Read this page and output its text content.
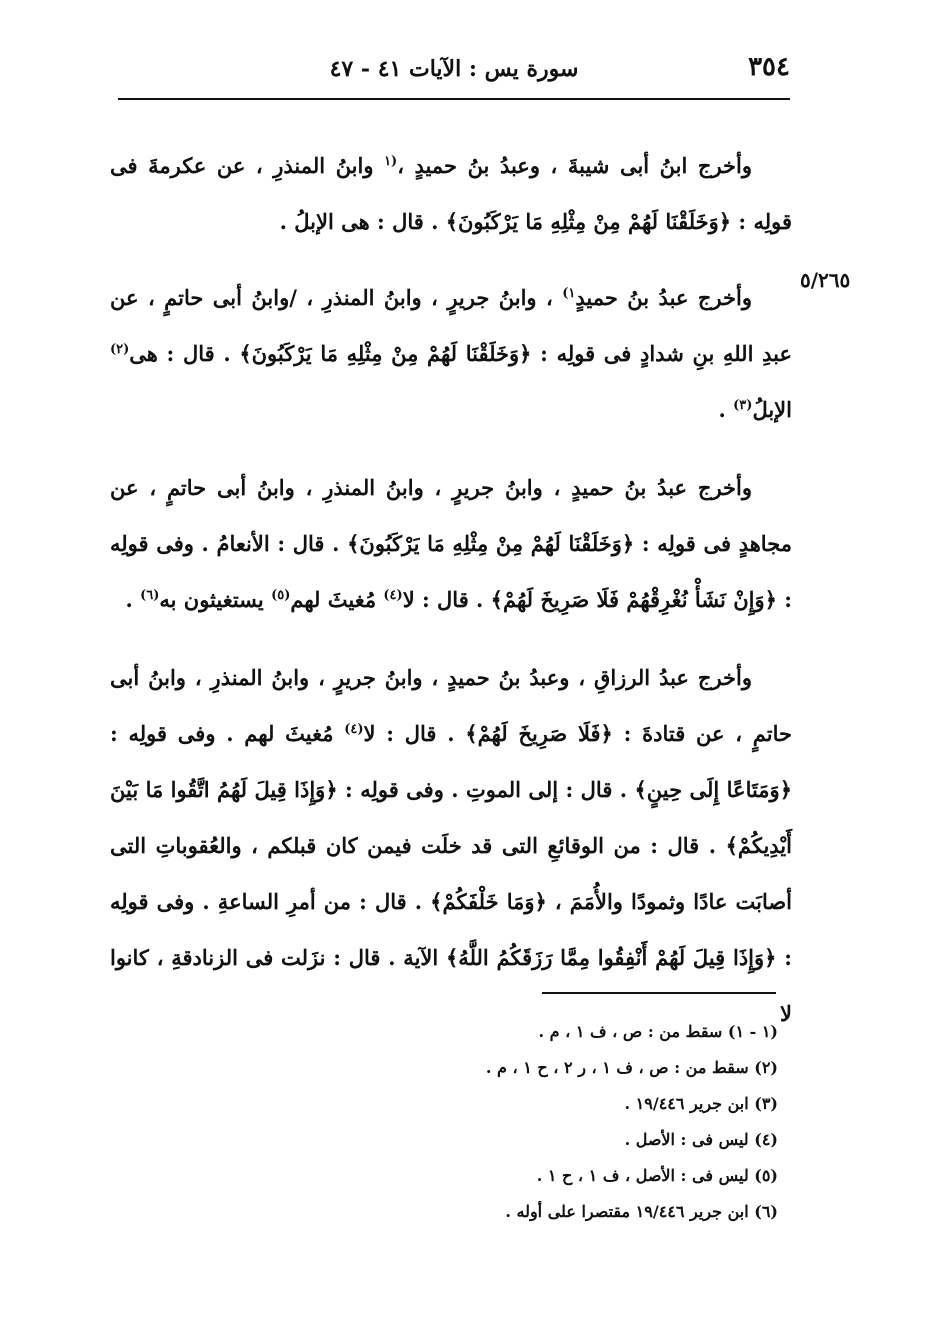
٣٥٤
سورة يس : الآيات ٤١ - ٤٧
٥/٢٦٥

وأخرج ابنُ أبى شيبةَ ، وعبدُ بنُ حميدٍ ،$^{(١}$ وابنُ المنذرِ ، عن عكرمةَ فى قولِه : ﴿وَخَلَقْنَا لَهُمْ مِنْ مِثْلِهِ مَا يَرْكَبُونَ﴾ . قال : هى الإبلُ .

وأخرج عبدُ بنُ حميدٍ$^{١)}$ ، وابنُ جريرٍ ، وابنُ المنذرِ ، /وابنُ أبى حاتمٍ ، عن عبدِ اللهِ بنِ شدادٍ فى قولِه : ﴿وَخَلَقْنَا لَهُمْ مِنْ مِثْلِهِ مَا يَرْكَبُونَ﴾ . قال : هى$^{(٢)}$ الإبلُ$^{(٣)}$ .

وأخرج عبدُ بنُ حميدٍ ، وابنُ جريرٍ ، وابنُ المنذرِ ، وابنُ أبى حاتمٍ ، عن مجاهدٍ فى قولِه : ﴿وَخَلَقْنَا لَهُمْ مِنْ مِثْلِهِ مَا يَرْكَبُونَ﴾ . قال : الأنعامُ . وفى قولِه : ﴿وَإِنْ نَشَأْ نُغْرِقْهُمْ فَلَا صَرِيخَ لَهُمْ﴾ . قال : لا$^{(٤)}$ مُغيثَ لهم$^{(٥)}$ يستغيثون به$^{(٦)}$ .

وأخرج عبدُ الرزاقِ ، وعبدُ بنُ حميدٍ ، وابنُ جريرٍ ، وابنُ المنذرِ ، وابنُ أبى حاتمٍ ، عن قتادةَ : ﴿فَلَا صَرِيخَ لَهُمْ﴾ . قال : لا$^{(٤)}$ مُغيثَ لهم . وفى قولِه : ﴿وَمَتَاعًا إِلَى حِينٍ﴾ . قال : إلى الموتِ . وفى قولِه : ﴿وَإِذَا قِيلَ لَهُمُ اتَّقُوا مَا بَيْنَ أَيْدِيكُمْ﴾ . قال : من الوقائعِ التى قد خلَت فيمن كان قبلكم ، والعُقوباتِ التى أصابَت عادًا وثمودًا والأُمَمَ ، ﴿وَمَا خَلْفَكُمْ﴾ . قال : من أمرِ الساعةِ . وفى قولِه : ﴿وَإِذَا قِيلَ لَهُمْ أَنْفِقُوا مِمَّا رَزَقَكُمُ اللَّهُ﴾ الآية . قال : نزَلت فى الزنادقةِ ، كانوا لا

(١ - ١) سقط من : ص ، ف ١ ، م .

(٢) سقط من : ص ، ف ١ ، ر ٢ ، ح ١ ، م .

(٣) ابن جرير ١٩/٤٤٦ .

(٤) ليس فى : الأصل .

(٥) ليس فى : الأصل ، ف ١ ، ح ١ .

(٦) ابن جرير ١٩/٤٤٦ مقتصرا على أوله .
